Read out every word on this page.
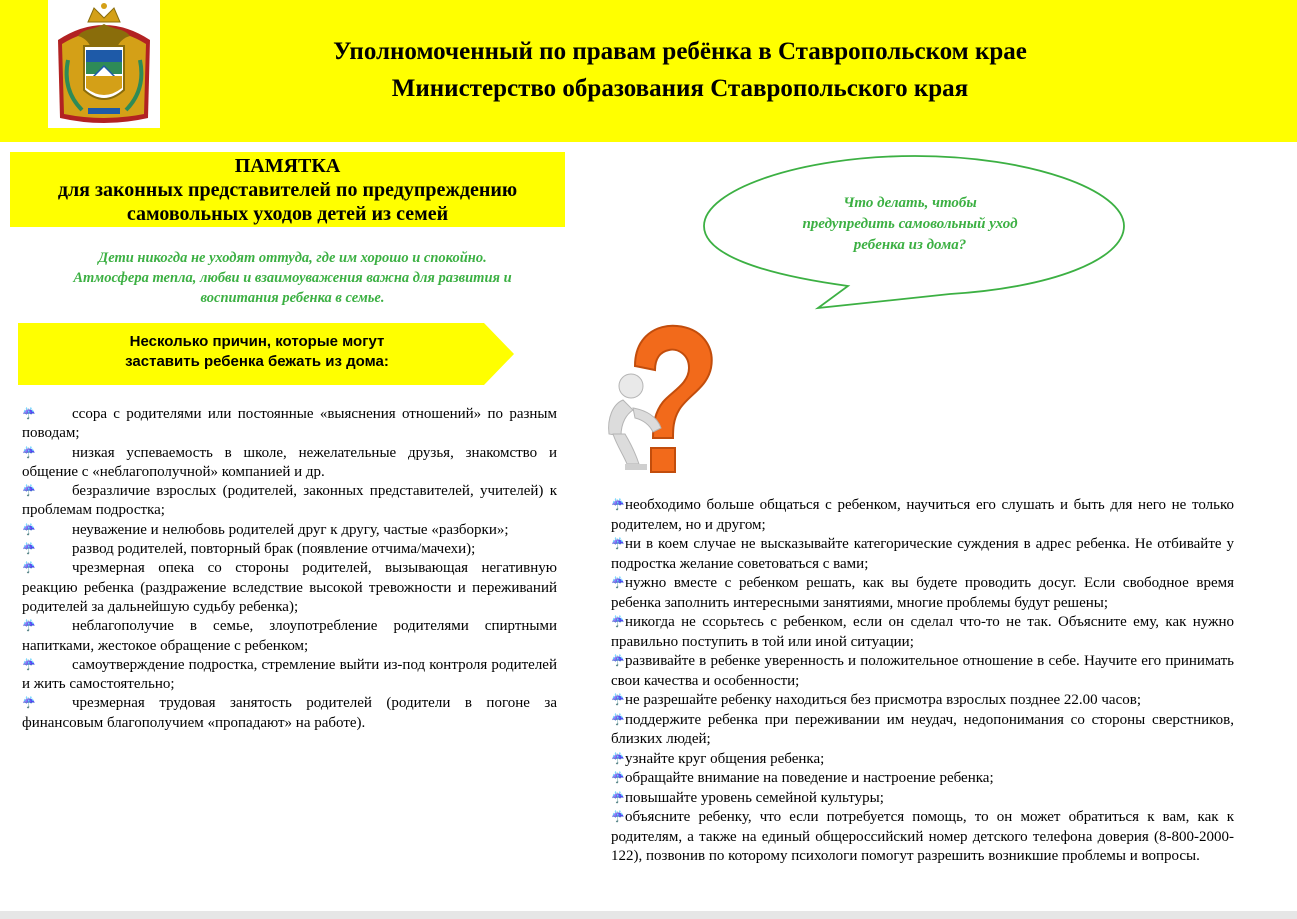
Уполномоченный по правам ребёнка в Ставропольском крае
Министерство образования Ставропольского края
ПАМЯТКА
для законных представителей по предупреждению
самовольных уходов детей из семей
Дети никогда не уходят оттуда, где им хорошо и спокойно.
Атмосфера тепла, любви и взаимоуважения важна для развития и
воспитания ребенка в семье.
Несколько причин, которые могут
заставить ребенка бежать из дома:
☔ ссора с родителями или постоянные «выяснения отношений» по разным поводам;
☔ низкая успеваемость в школе, нежелательные друзья, знакомство и общение с «неблагополучной» компанией и др.
☔ безразличие взрослых (родителей, законных представителей, учителей) к проблемам подростка;
☔ неуважение и нелюбовь родителей друг к другу, частые «разборки»;
☔ развод родителей, повторный брак (появление отчима/мачехи);
☔ чрезмерная опека со стороны родителей, вызывающая негативную реакцию ребенка (раздражение вследствие высокой тревожности и переживаний родителей за дальнейшую судьбу ребенка);
☔ неблагополучие в семье, злоупотребление родителями спиртными напитками, жестокое обращение с ребенком;
☔ самоутверждение подростка, стремление выйти из-под контроля родителей и жить самостоятельно;
☔ чрезмерная трудовая занятость родителей (родители в погоне за финансовым благополучием «пропадают» на работе).
Что делать, чтобы
предупредить самовольный уход
ребенка из дома?
☔необходимо больше общаться с ребенком, научиться его слушать и быть для него не только родителем, но и другом;
☔ни в коем случае не высказывайте категорические суждения в адрес ребенка. Не отбивайте у подростка желание советоваться с вами;
☔нужно вместе с ребенком решать, как вы будете проводить досуг. Если свободное время ребенка заполнить интересными занятиями, многие проблемы будут решены;
☔никогда не ссорьтесь с ребенком, если он сделал что-то не так. Объясните ему, как нужно правильно поступить в той или иной ситуации;
☔развивайте в ребенке уверенность и положительное отношение в себе. Научите его принимать свои качества и особенности;
☔не разрешайте ребенку находиться без присмотра взрослых позднее 22.00 часов;
☔поддержите ребенка при переживании им неудач, недопонимания со стороны сверстников, близких людей;
☔узнайте круг общения ребенка;
☔обращайте внимание на поведение и настроение ребенка;
☔повышайте уровень семейной культуры;
☔объясните ребенку, что если потребуется помощь, то он может обратиться к вам, как к родителям, а также на единый общероссийский номер детского телефона доверия (8-800-2000-122), позвонив по которому психологи помогут разрешить возникшие проблемы и вопросы.
